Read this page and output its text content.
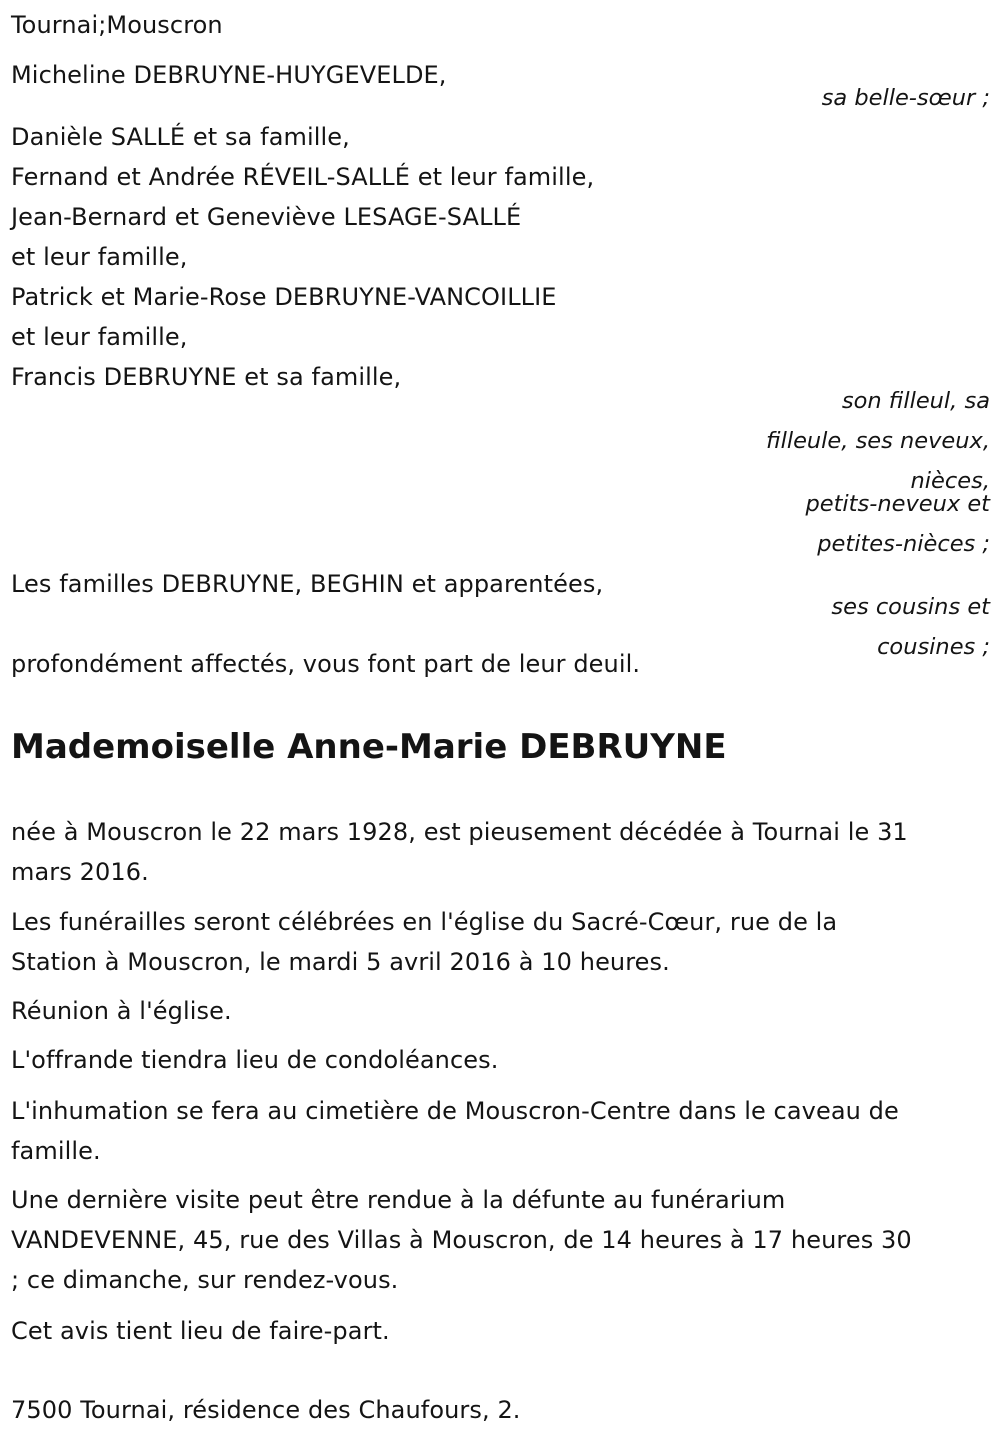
Tournai;Mouscron
Micheline DEBRUYNE-HUYGEVELDE,
sa belle-sœur ;
Danièle SALLÉ et sa famille,
Fernand et Andrée RÉVEIL-SALLÉ et leur famille,
Jean-Bernard et Geneviève LESAGE-SALLÉ
et leur famille,
Patrick et Marie-Rose DEBRUYNE-VANCOILLIE
et leur famille,
Francis DEBRUYNE et sa famille,
son filleul, sa
filleule, ses neveux,
nièces,
petits-neveux et
petites-nièces ;
Les familles DEBRUYNE, BEGHIN et apparentées,
ses cousins et
cousines ;
profondément affectés, vous font part de leur deuil.
Mademoiselle Anne-Marie DEBRUYNE
née à Mouscron le 22 mars 1928, est pieusement décédée à Tournai le 31
mars 2016.
Les funérailles seront célébrées en l'église du Sacré-Cœur, rue de la
Station à Mouscron, le mardi 5 avril 2016 à 10 heures.
Réunion à l'église.
L'offrande tiendra lieu de condoléances.
L'inhumation se fera au cimetière de Mouscron-Centre dans le caveau de
famille.
Une dernière visite peut être rendue à la défunte au funérarium
VANDEVENNE, 45, rue des Villas à Mouscron, de 14 heures à 17 heures 30
; ce dimanche, sur rendez-vous.
Cet avis tient lieu de faire-part.
7500 Tournai, résidence des Chaufours, 2.
